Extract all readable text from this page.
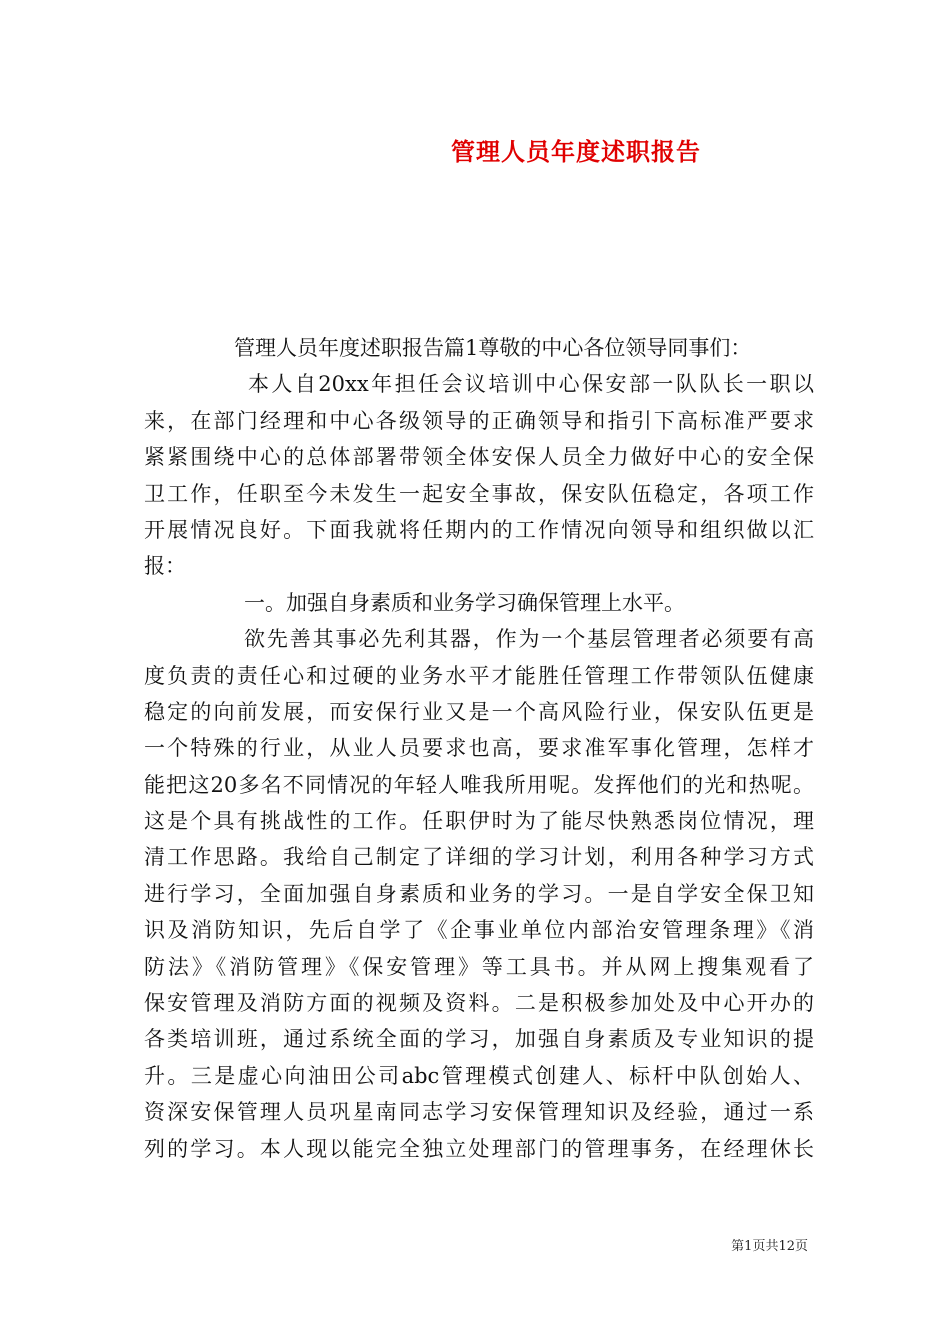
管理人员年度述职报告
管理人员年度述职报告篇1尊敬的中心各位领导同事们：
本人自20xx年担任会议培训中心保安部一队队长一职以
来，在部门经理和中心各级领导的正确领导和指引下高标准严要求
紧紧围绕中心的总体部署带领全体安保人员全力做好中心的安全保
卫工作，任职至今未发生一起安全事故，保安队伍稳定，各项工作
开展情况良好。下面我就将任期内的工作情况向领导和组织做以汇
报：
一。加强自身素质和业务学习确保管理上水平。
欲先善其事必先利其器，作为一个基层管理者必须要有高
度负责的责任心和过硬的业务水平才能胜任管理工作带领队伍健康
稳定的向前发展，而安保行业又是一个高风险行业，保安队伍更是
一个特殊的行业，从业人员要求也高，要求准军事化管理，怎样才
能把这20多名不同情况的年轻人唯我所用呢。发挥他们的光和热呢。
这是个具有挑战性的工作。任职伊时为了能尽快熟悉岗位情况，理
清工作思路。我给自己制定了详细的学习计划，利用各种学习方式
进行学习，全面加强自身素质和业务的学习。一是自学安全保卫知
识及消防知识，先后自学了《企事业单位内部治安管理条理》《消
防法》《消防管理》《保安管理》等工具书。并从网上搜集观看了
保安管理及消防方面的视频及资料。二是积极参加处及中心开办的
各类培训班，通过系统全面的学习，加强自身素质及专业知识的提
升。三是虚心向油田公司abc管理模式创建人、标杆中队创始人、
资深安保管理人员巩星南同志学习安保管理知识及经验，通过一系
列的学习。本人现以能完全独立处理部门的管理事务，在经理休长
第1页共12页
